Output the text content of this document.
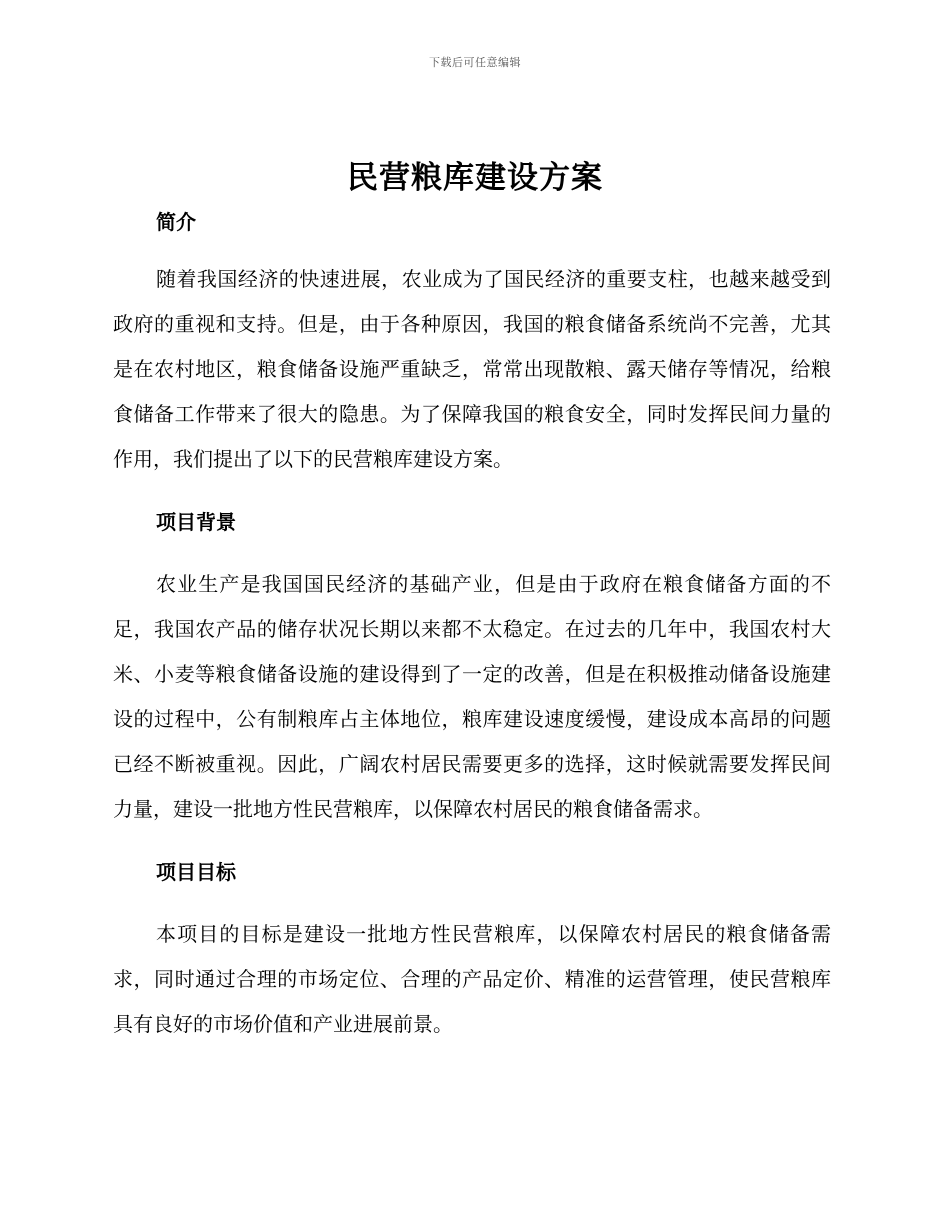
下载后可任意编辑
民营粮库建设方案
简介

随着我国经济的快速进展，农业成为了国民经济的重要支柱，也越来越受到政府的重视和支持。但是，由于各种原因，我国的粮食储备系统尚不完善，尤其是在农村地区，粮食储备设施严重缺乏，常常出现散粮、露天储存等情况，给粮食储备工作带来了很大的隐患。为了保障我国的粮食安全，同时发挥民间力量的作用，我们提出了以下的民营粮库建设方案。

项目背景

农业生产是我国国民经济的基础产业，但是由于政府在粮食储备方面的不足，我国农产品的储存状况长期以来都不太稳定。在过去的几年中，我国农村大米、小麦等粮食储备设施的建设得到了一定的改善，但是在积极推动储备设施建设的过程中，公有制粮库占主体地位，粮库建设速度缓慢，建设成本高昂的问题已经不断被重视。因此，广阔农村居民需要更多的选择，这时候就需要发挥民间力量，建设一批地方性民营粮库，以保障农村居民的粮食储备需求。

项目目标

本项目的目标是建设一批地方性民营粮库，以保障农村居民的粮食储备需求，同时通过合理的市场定位、合理的产品定价、精准的运营管理，使民营粮库具有良好的市场价值和产业进展前景。
